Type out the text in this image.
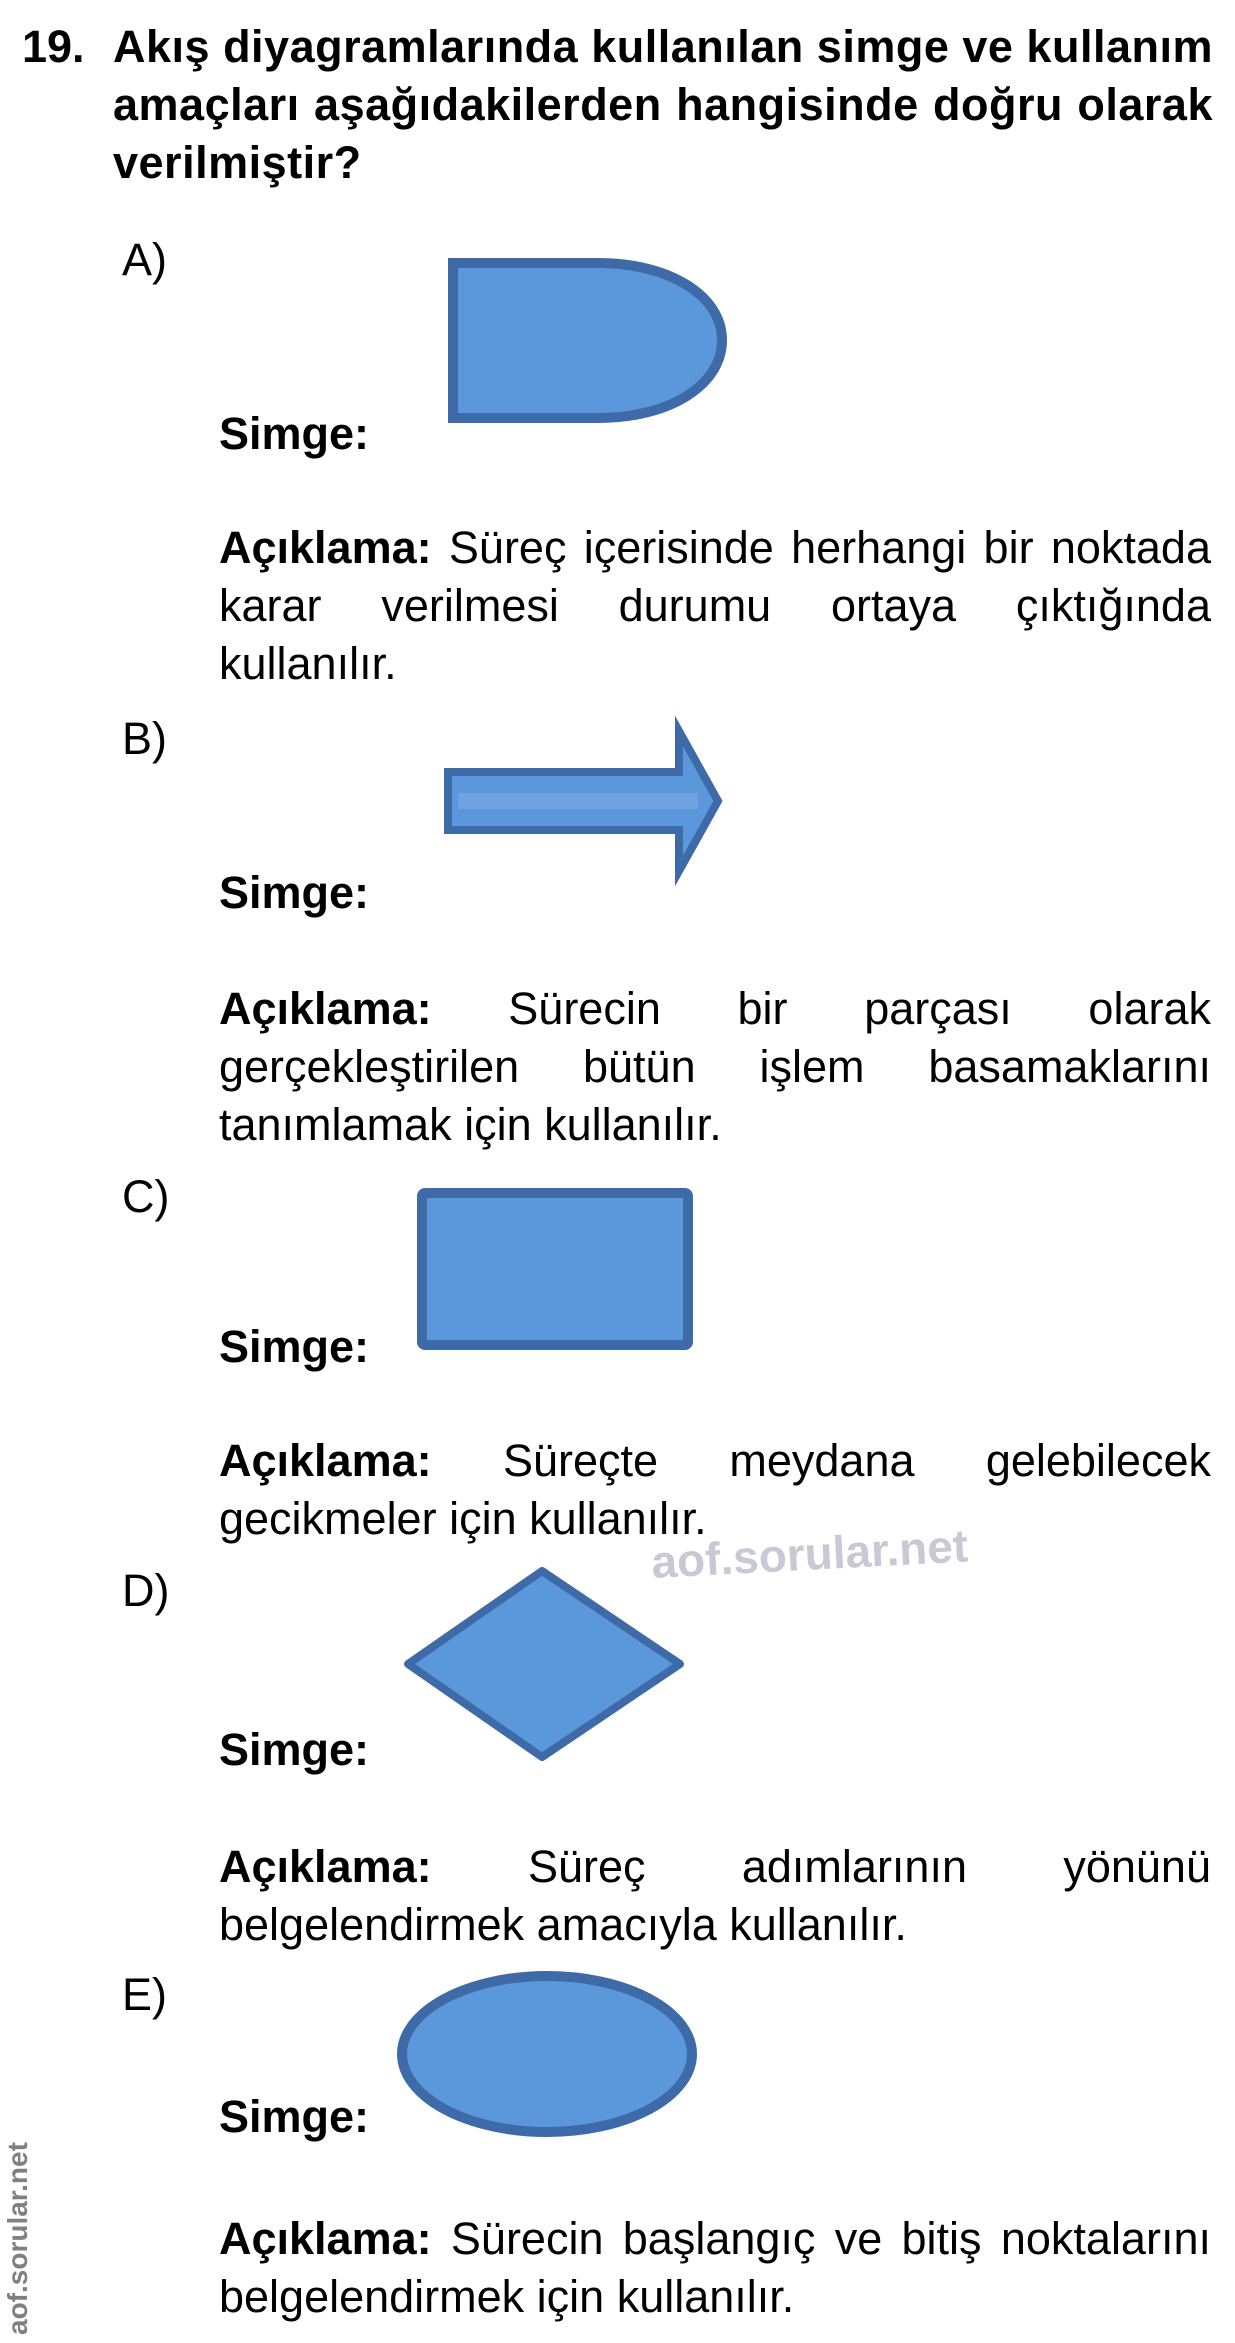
19. Akış diyagramlarında kullanılan simge ve kullanım amaçları aşağıdakilerden hangisinde doğru olarak verilmiştir?
A)
Simge:
Açıklama: Süreç içerisinde herhangi bir noktada karar verilmesi durumu ortaya çıktığında kullanılır.
B)
Simge:
Açıklama: Sürecin bir parçası olarak gerçekleştirilen bütün işlem basamaklarını tanımlamak için kullanılır.
C)
Simge:
Açıklama: Süreçte meydana gelebilecek gecikmeler için kullanılır.
aof.sorular.net
D)
Simge:
Açıklama: Süreç adımlarının yönünü belgelendirmek amacıyla kullanılır.
E)
Simge:
Açıklama: Sürecin başlangıç ve bitiş noktalarını belgelendirmek için kullanılır.
aof.sorular.net
